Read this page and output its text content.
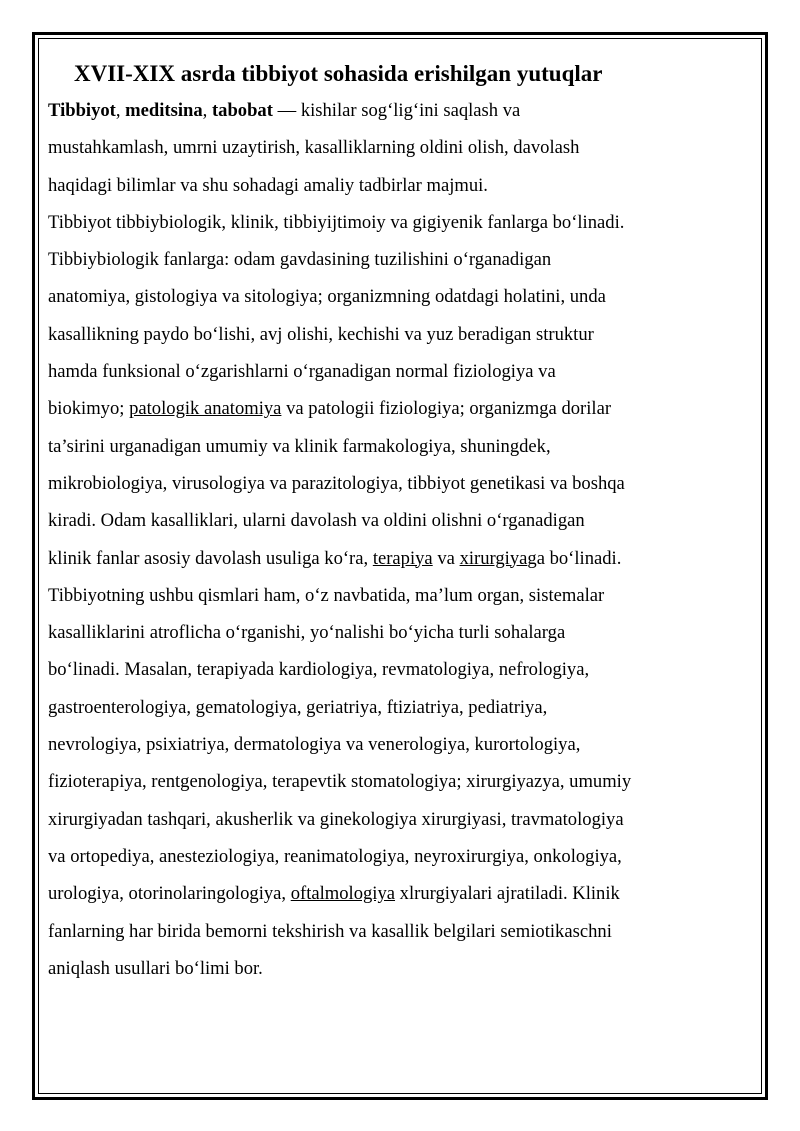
XVII-XIX asrda tibbiyot sohasida erishilgan yutuqlar

Tibbiyot, meditsina, tabobat — kishilar sog‘lig‘ini saqlash va

mustahkamlash, umrni uzaytirish, kasalliklarning oldini olish, davolash

haqidagi bilimlar va shu sohadagi amaliy tadbirlar majmui.

Tibbiyot tibbiybiologik, klinik, tibbiyijtimoiy va gigiyenik fanlarga bo‘linadi.

Tibbiybiologik fanlarga: odam gavdasining tuzilishini o‘rganadigan

anatomiya, gistologiya va sitologiya; organizmning odatdagi holatini, unda

kasallikning paydo bo‘lishi, avj olishi, kechishi va yuz beradigan struktur

hamda funksional o‘zgarishlarni o‘rganadigan normal fiziologiya va

biokimyo; patologik anatomiya va patologii fiziologiya; organizmga dorilar

ta’sirini urganadigan umumiy va klinik farmakologiya, shuningdek,

mikrobiologiya, virusologiya va parazitologiya, tibbiyot genetikasi va boshqa

kiradi. Odam kasalliklari, ularni davolash va oldini olishni o‘rganadigan

klinik fanlar asosiy davolash usuliga ko‘ra, terapiya va xirurgiyaga bo‘linadi.

Tibbiyotning ushbu qismlari ham, o‘z navbatida, ma’lum organ, sistemalar

kasalliklarini atroflicha o‘rganishi, yo‘nalishi bo‘yicha turli sohalarga

bo‘linadi. Masalan, terapiyada kardiologiya, revmatologiya, nefrologiya,

gastroenterologiya, gematologiya, geriatriya, ftiziatriya, pediatriya,

nevrologiya, psixiatriya, dermatologiya va venerologiya, kurortologiya,

fizioterapiya, rentgenologiya, terapevtik stomatologiya; xirurgiyazya, umumiy

xirurgiyadan tashqari, akusherlik va ginekologiya xirurgiyasi, travmatologiya

va ortopediya, anesteziologiya, reanimatologiya, neyroxirurgiya, onkologiya,

urologiya, otorinolaringologiya, oftalmologiya xlrurgiyalari ajratiladi. Klinik

fanlarning har birida bemorni tekshirish va kasallik belgilari semiotikaschni

aniqlash usullari bo‘limi bor.
